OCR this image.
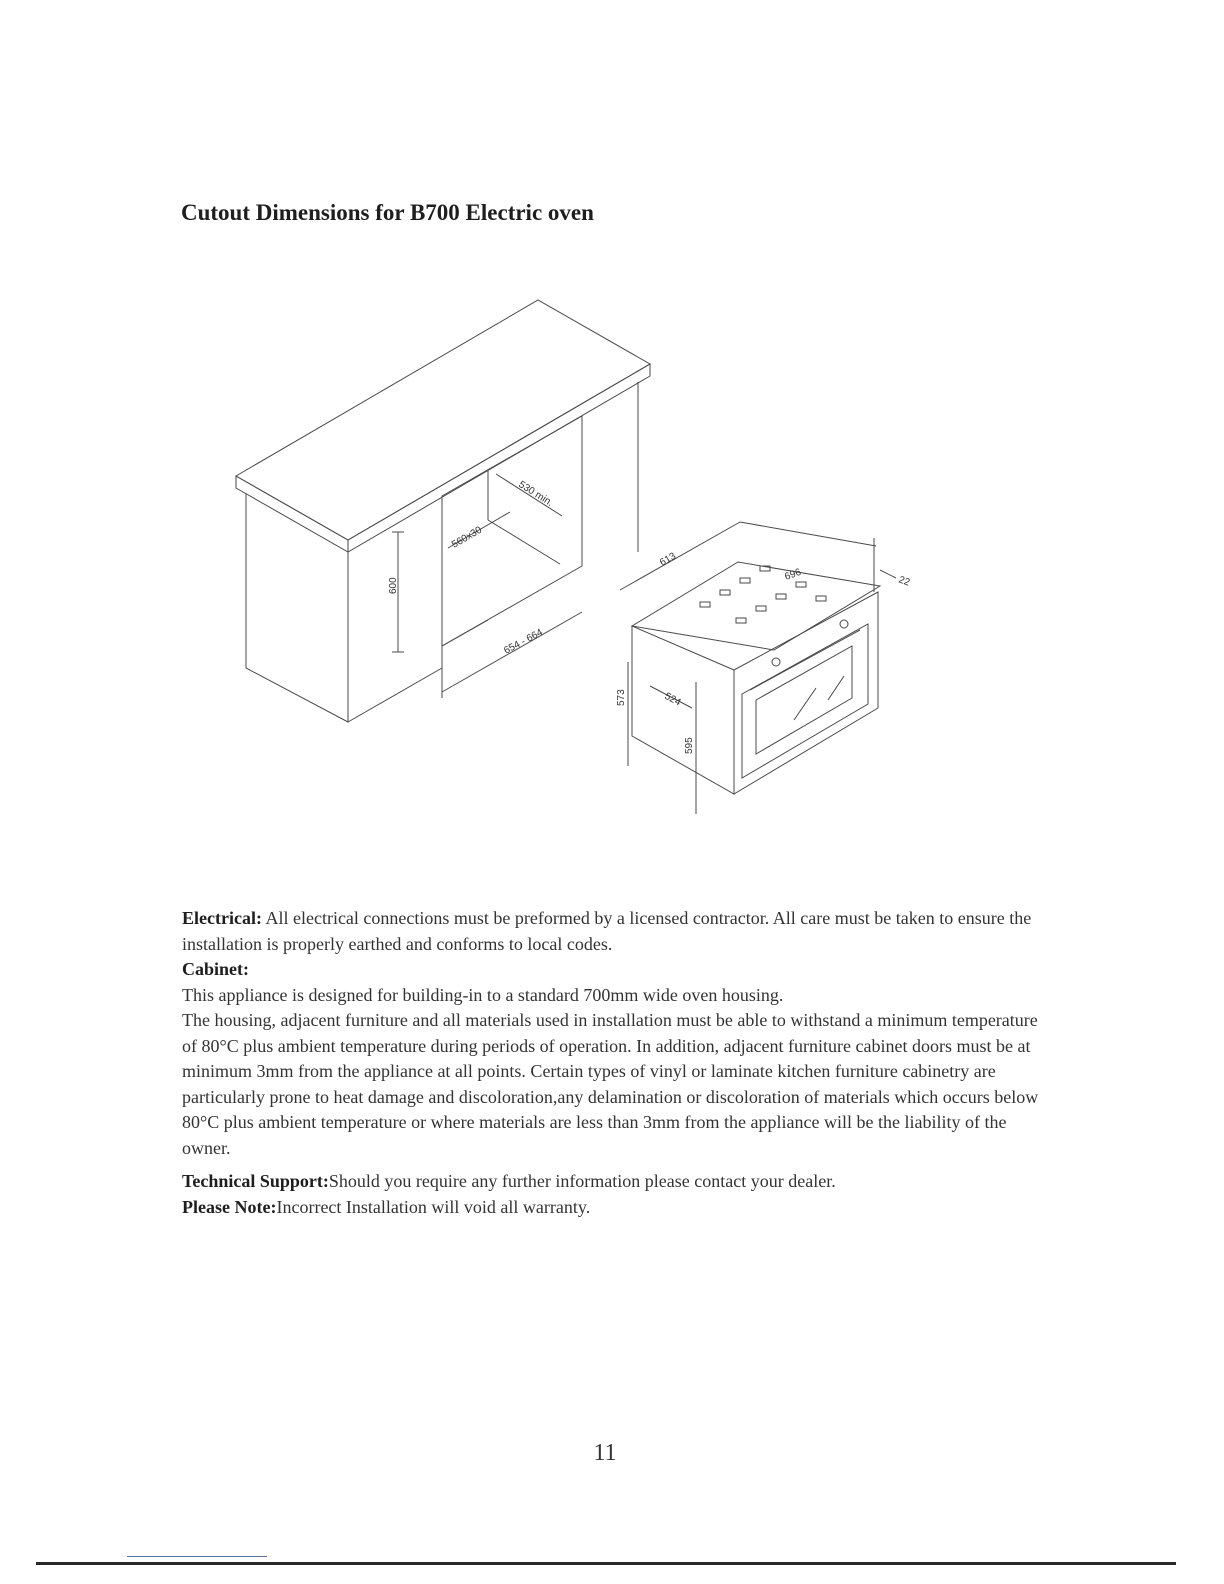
Cutout Dimensions for B700 Electric oven
600
654 - 664
560x30
530 min.
613
696	22
573	524
595

Electrical: All electrical connections must be preformed by a licensed contractor. All care must be taken to ensure the installation is properly earthed and conforms to local codes.

Cabinet:

This appliance is designed for building-in to a standard 700mm wide oven housing.

The housing, adjacent furniture and all materials used in installation must be able to withstand a minimum temperature of 80°C plus ambient temperature during periods of operation. In addition, adjacent furniture cabinet doors must be at minimum 3mm from the appliance at all points. Certain types of vinyl or laminate kitchen furniture cabinetry are particularly prone to heat damage and discoloration,any delamination or discoloration of materials which occurs below 80°C plus ambient temperature or where materials are less than 3mm from the appliance will be the liability of the owner.

Technical Support:Should you require any further information please contact your dealer.

Please Note:Incorrect Installation will void all warranty.

11
